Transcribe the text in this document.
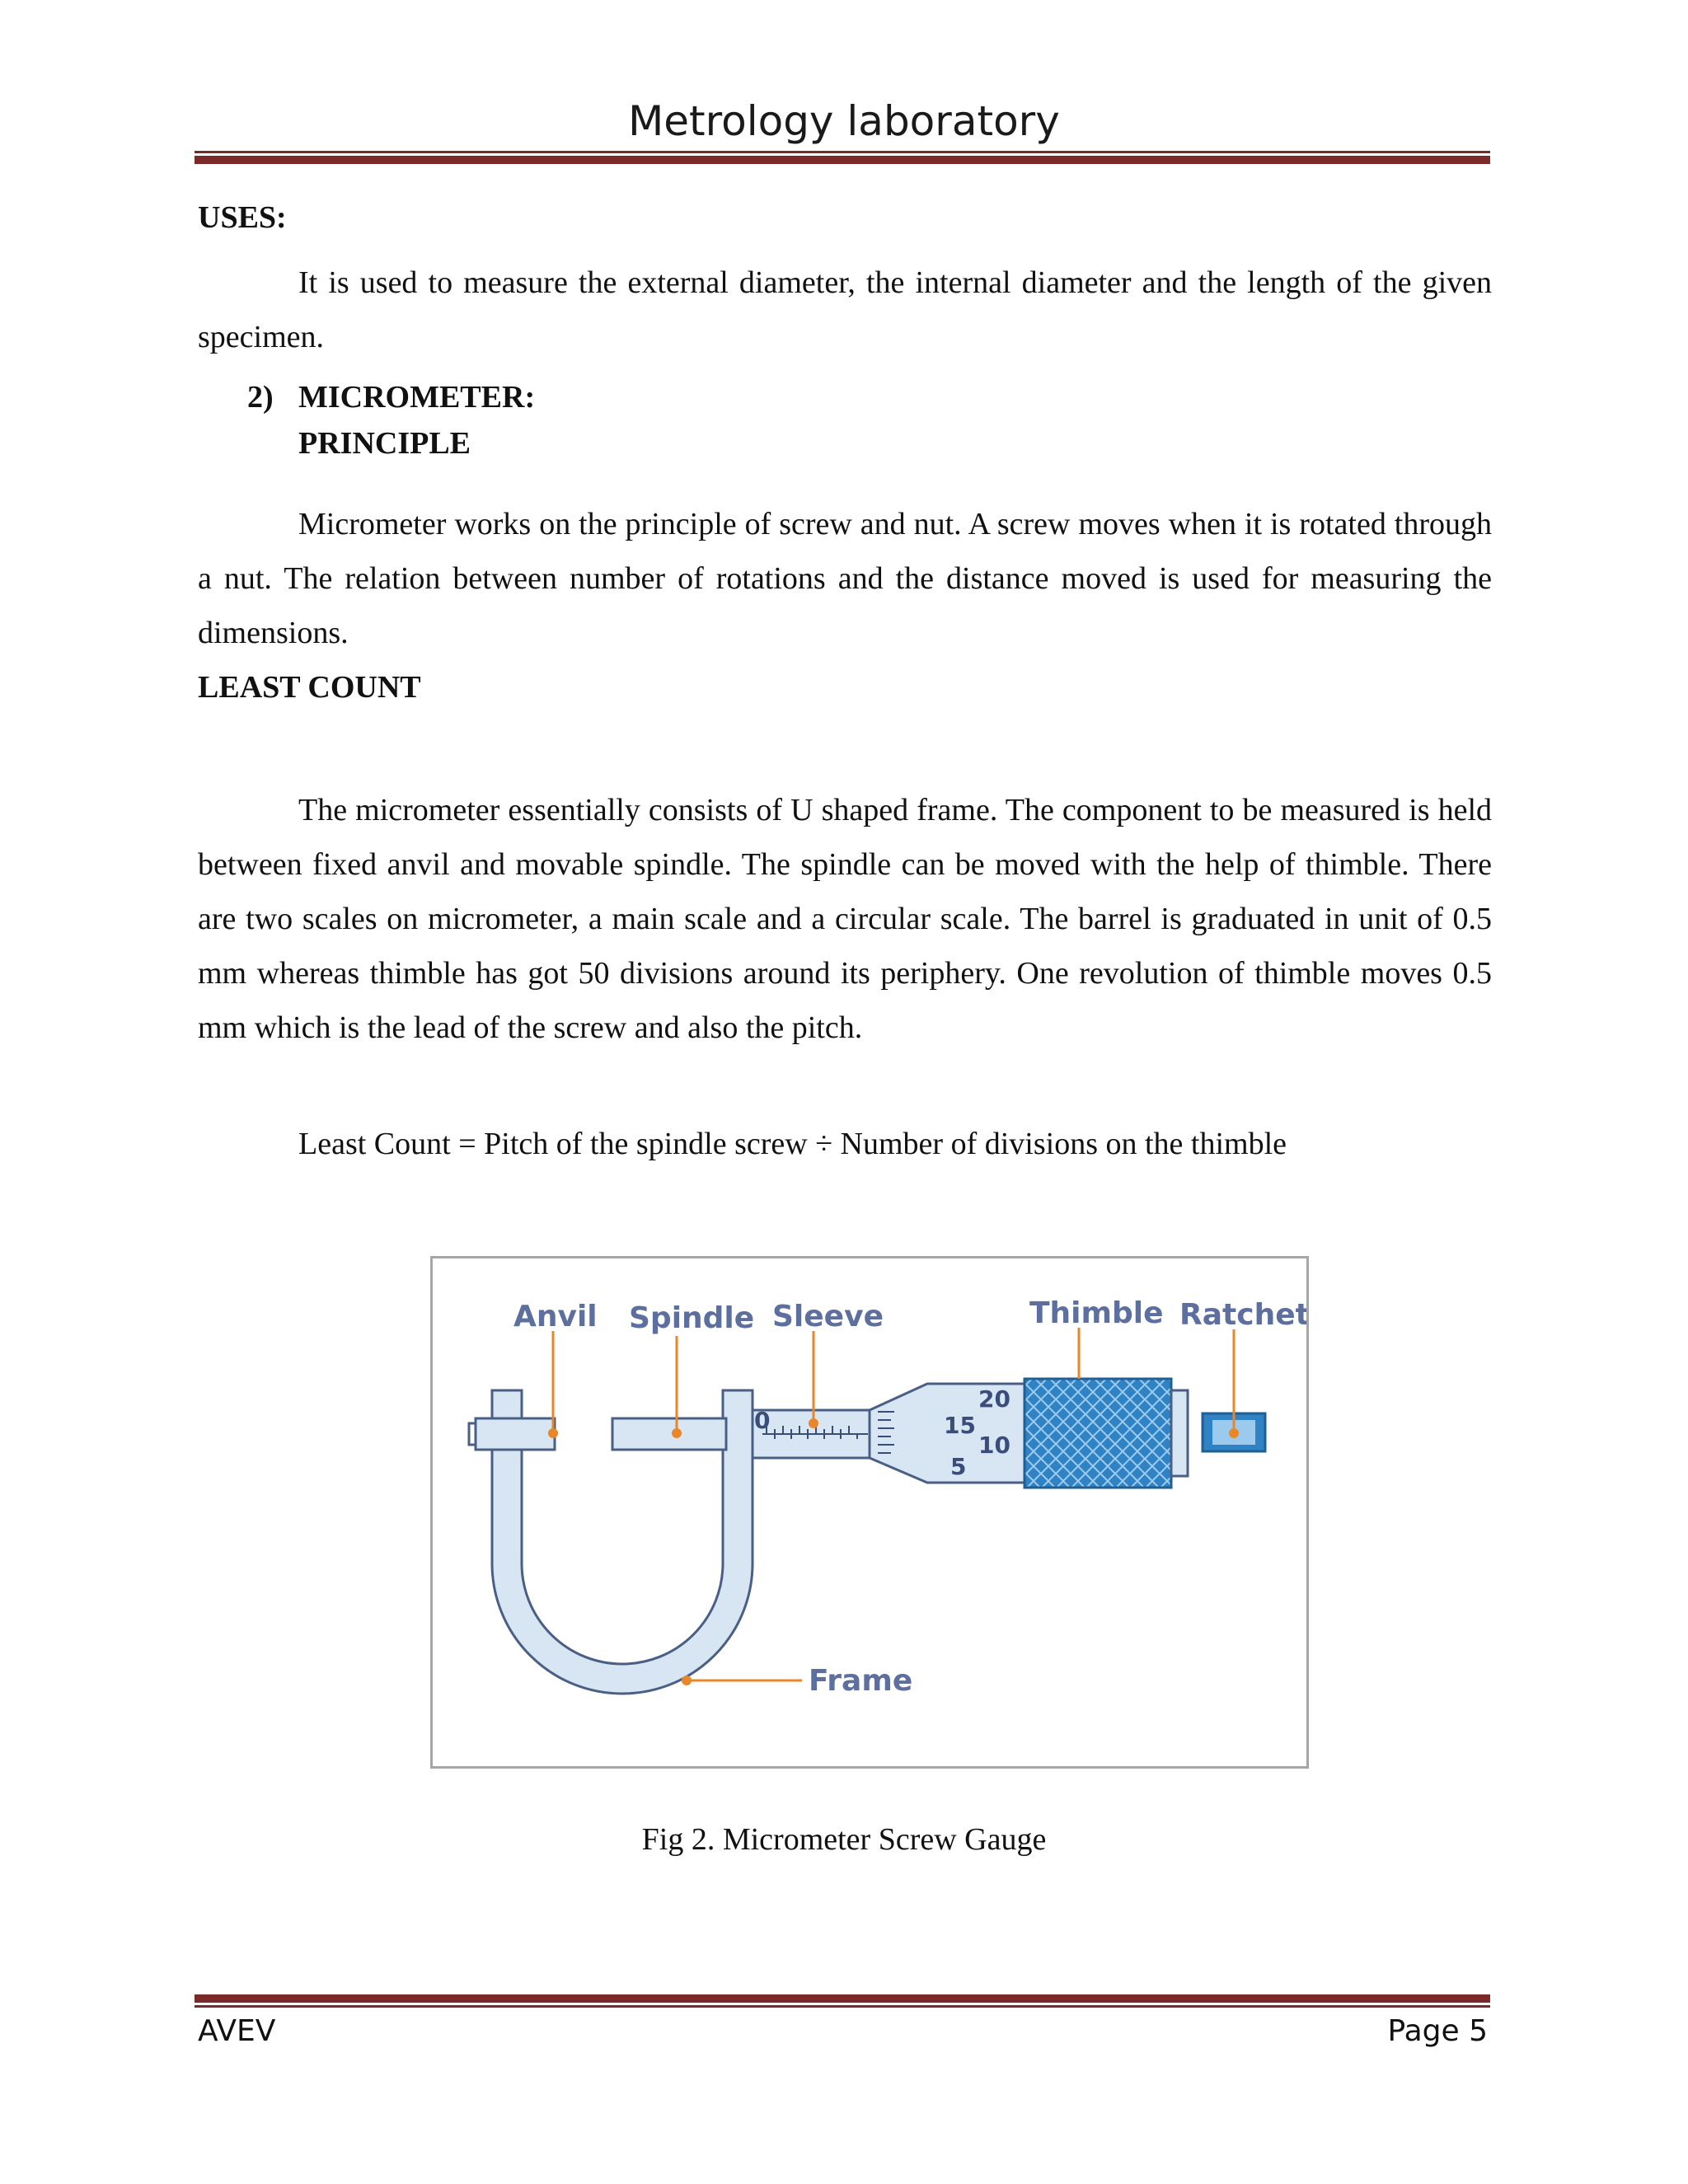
Metrology laboratory

USES:

It is used to measure the external diameter, the internal diameter and the length of the given specimen.

2) MICROMETER:

PRINCIPLE

Micrometer works on the principle of screw and nut. A screw moves when it is rotated through a nut. The relation between number of rotations and the distance moved is used for measuring the dimensions.

LEAST COUNT

The micrometer essentially consists of U shaped frame. The component to be measured is held between fixed anvil and movable spindle. The spindle can be moved with the help of thimble. There are two scales on micrometer, a main scale and a circular scale. The barrel is graduated in unit of 0.5 mm whereas thimble has got 50 divisions around its periphery. One revolution of thimble moves 0.5 mm which is the lead of the screw and also the pitch.

Least Count = Pitch of the spindle screw ÷ Number of divisions on the thimble

0
20
15
10
5
Anvil Spindle Sleeve	Thimble Ratchet
Frame
Fig 2. Micrometer Screw Gauge
AVEV	Page 5
